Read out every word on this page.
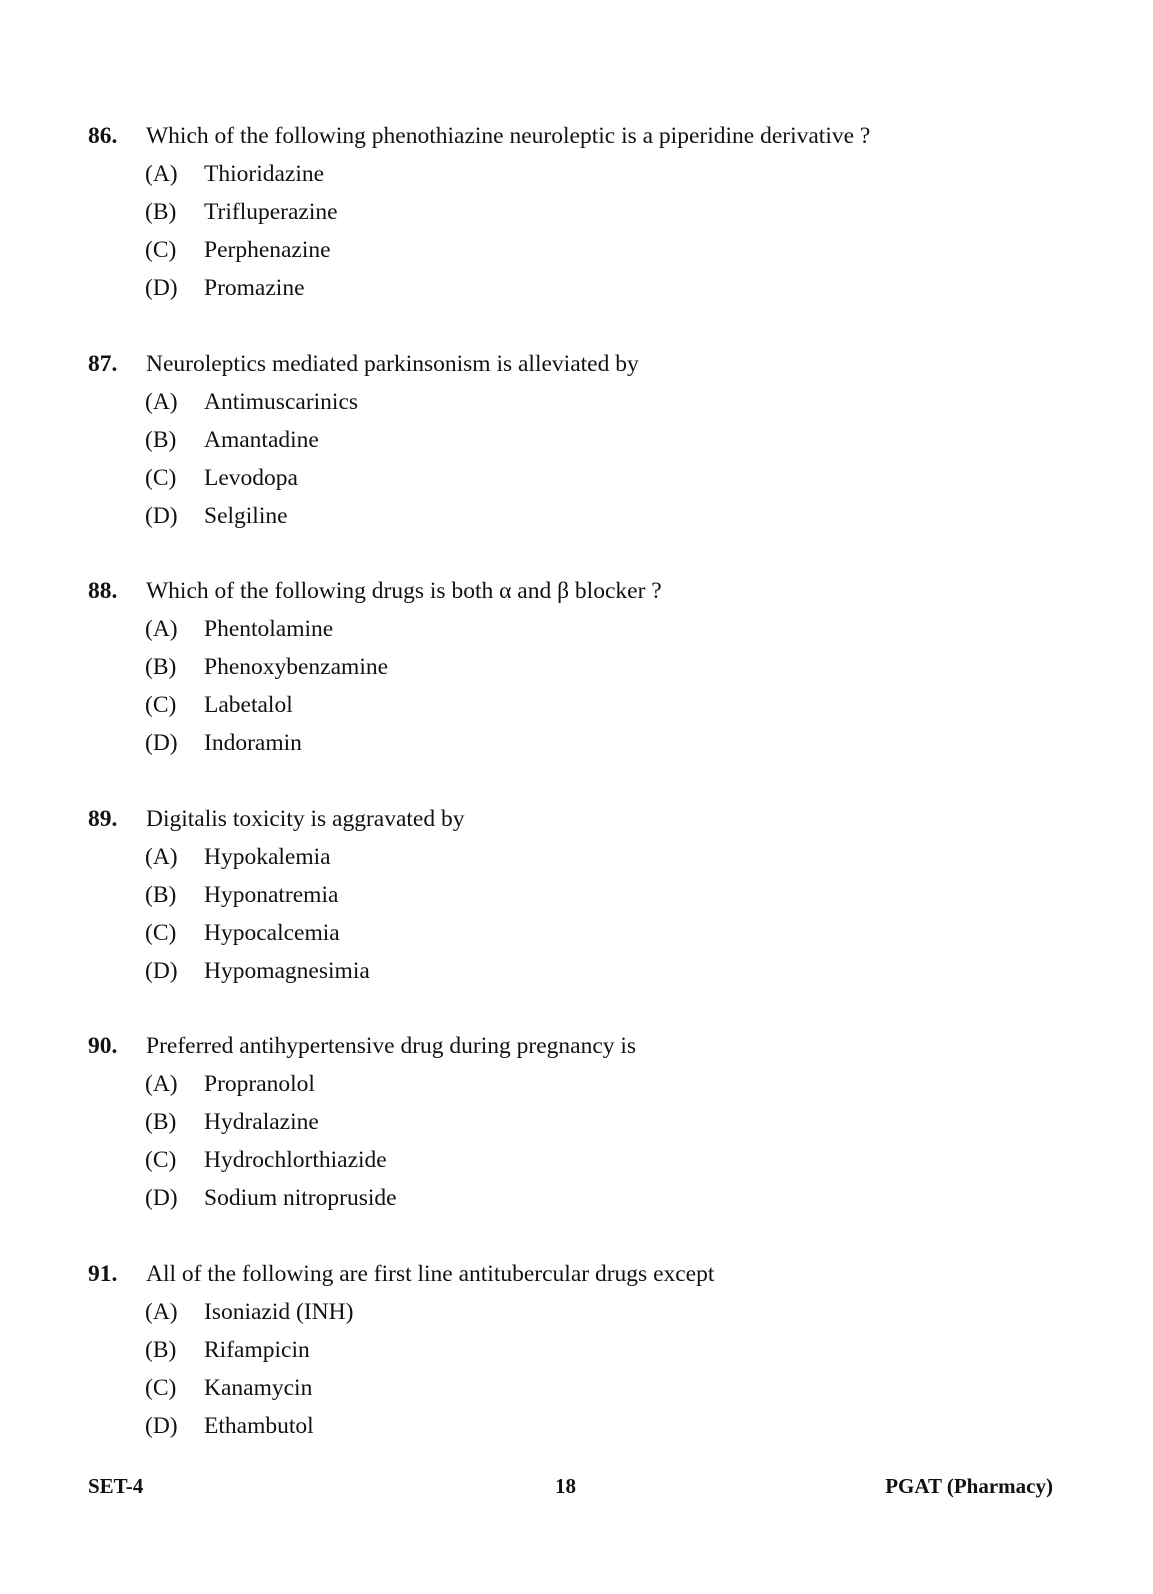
86. Which of the following phenothiazine neuroleptic is a piperidine derivative ?
(A) Thioridazine
(B) Trifluperazine
(C) Perphenazine
(D) Promazine
87. Neuroleptics mediated parkinsonism is alleviated by
(A) Antimuscarinics
(B) Amantadine
(C) Levodopa
(D) Selgiline
88. Which of the following drugs is both α and β blocker ?
(A) Phentolamine
(B) Phenoxybenzamine
(C) Labetalol
(D) Indoramin
89. Digitalis toxicity is aggravated by
(A) Hypokalemia
(B) Hyponatremia
(C) Hypocalcemia
(D) Hypomagnesimia
90. Preferred antihypertensive drug during pregnancy is
(A) Propranolol
(B) Hydralazine
(C) Hydrochlorthiazide
(D) Sodium nitropruside
91. All of the following are first line antitubercular drugs except
(A) Isoniazid (INH)
(B) Rifampicin
(C) Kanamycin
(D) Ethambutol
SET-4	18	PGAT (Pharmacy)
